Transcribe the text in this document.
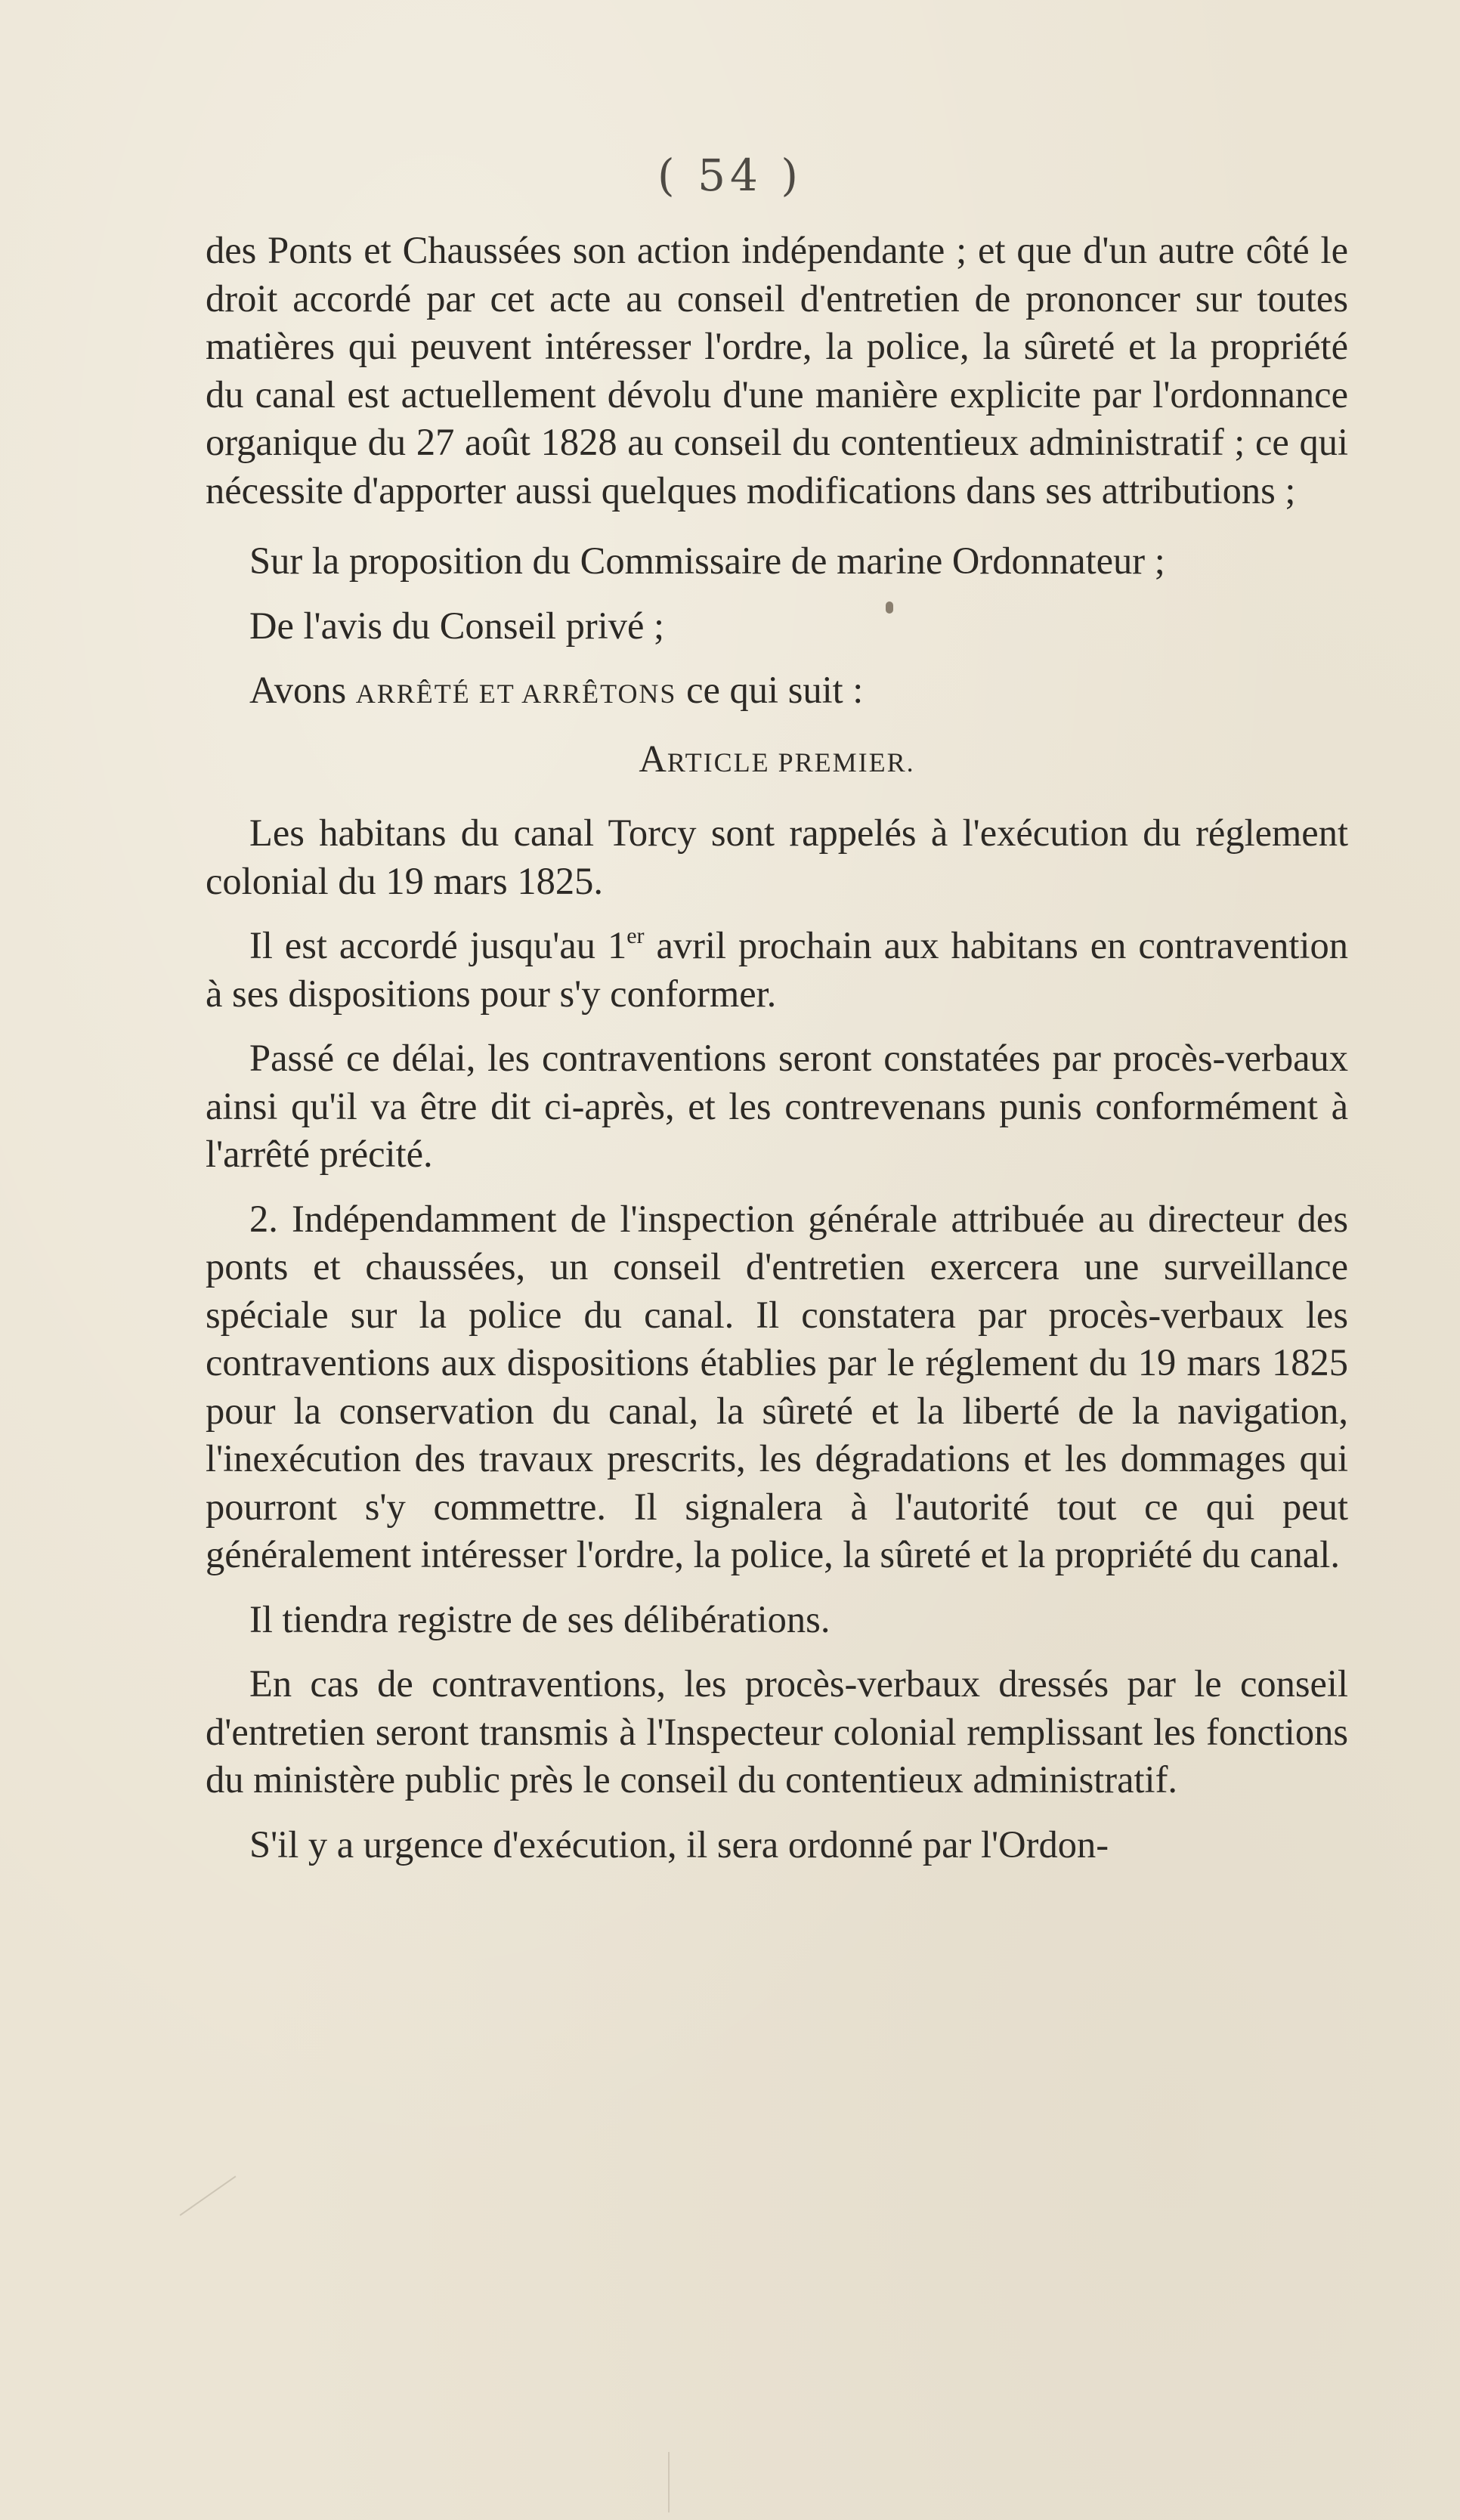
( 54 )

des Ponts et Chaussées son action indépendante ; et que d'un autre côté le droit accordé par cet acte au conseil d'entretien de prononcer sur toutes matières qui peuvent intéresser l'ordre, la police, la sûreté et la propriété du canal est actuellement dévolu d'une manière explicite par l'ordonnance organique du 27 août 1828 au conseil du contentieux administratif ; ce qui nécessite d'apporter aussi quelques modifications dans ses attributions ;

Sur la proposition du Commissaire de marine Ordonnateur ;

De l'avis du Conseil privé ;

Avons ARRÊTÉ ET ARRÊTONS ce qui suit :

ARTICLE PREMIER.

Les habitans du canal Torcy sont rappelés à l'exécution du réglement colonial du 19 mars 1825.

Il est accordé jusqu'au 1er avril prochain aux habitans en contravention à ses dispositions pour s'y conformer.

Passé ce délai, les contraventions seront constatées par procès-verbaux ainsi qu'il va être dit ci-après, et les contrevenans punis conformément à l'arrêté précité.

2. Indépendamment de l'inspection générale attribuée au directeur des ponts et chaussées, un conseil d'entretien exercera une surveillance spéciale sur la police du canal. Il constatera par procès-verbaux les contraventions aux dispositions établies par le réglement du 19 mars 1825 pour la conservation du canal, la sûreté et la liberté de la navigation, l'inexécution des travaux prescrits, les dégradations et les dommages qui pourront s'y commettre. Il signalera à l'autorité tout ce qui peut généralement intéresser l'ordre, la police, la sûreté et la propriété du canal.

Il tiendra registre de ses délibérations.

En cas de contraventions, les procès-verbaux dressés par le conseil d'entretien seront transmis à l'Inspecteur colonial remplissant les fonctions du ministère public près le conseil du contentieux administratif.

S'il y a urgence d'exécution, il sera ordonné par l'Ordon-
